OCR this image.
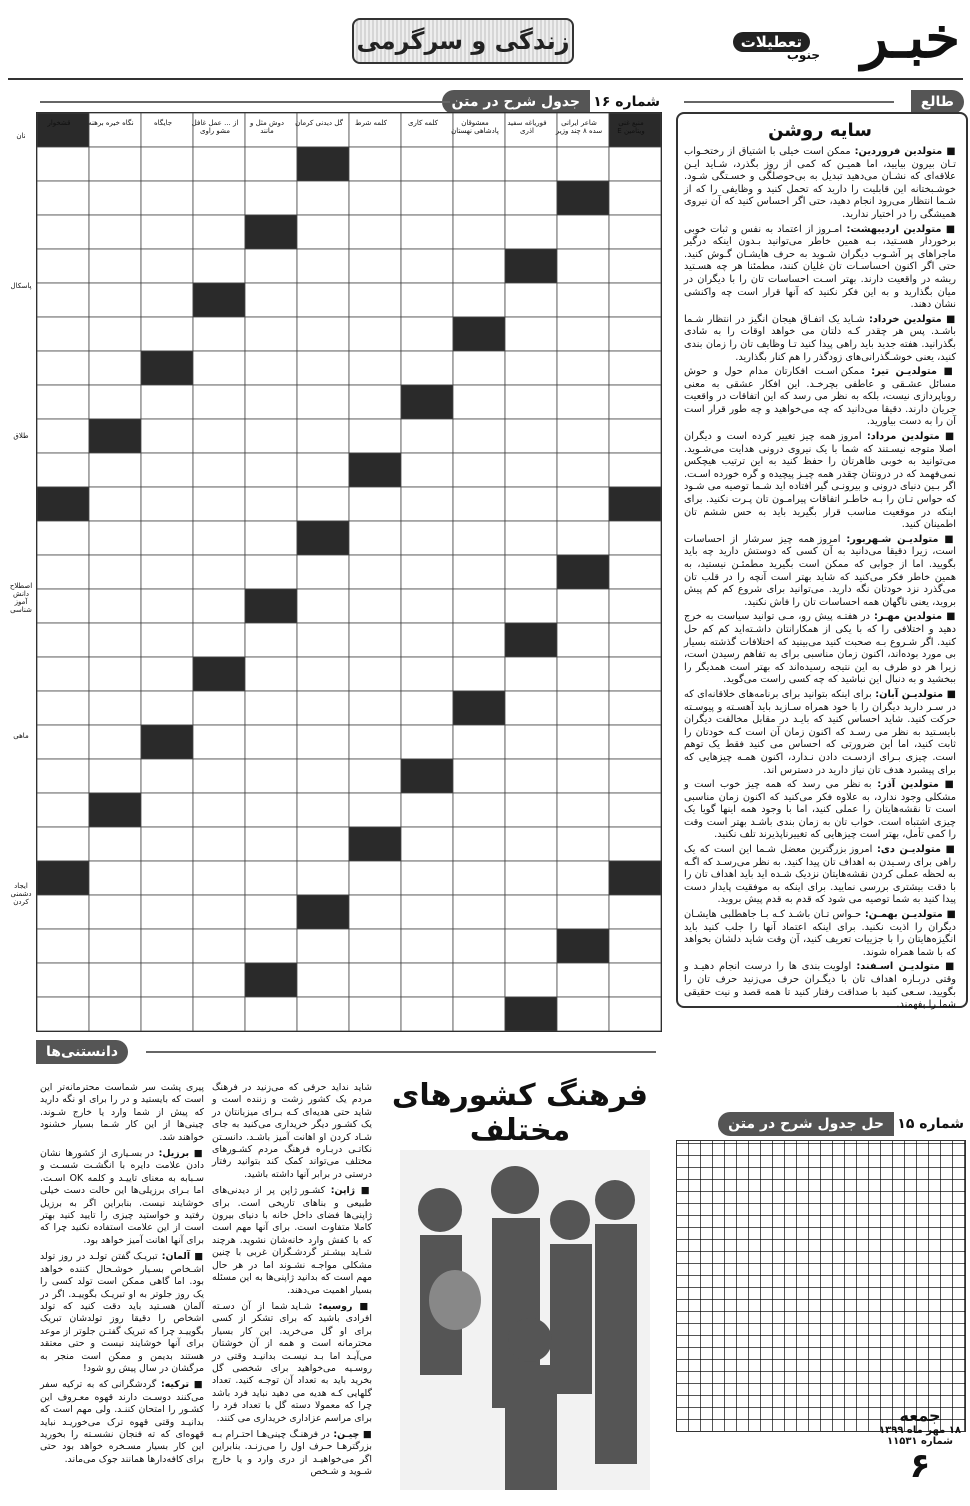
خبـر
تعطیلات
جنوب
زندگی و سرگرمی
شماره ۱۶
جدول شرح در متن
منبع غنی ویتامین E
شاعر ایرانی سده ۸ چند وزیر
فوریاغه سفید اذری
معشوقان پادشاهی نهستان
کلمه کاری
کلمه شرط
گل دیدنی کرمان
دوش مثل و مانند
از ... عمل غافل مشو راوی
جایگاه
نگاه خیره برهنه
قشخوار
نان
پاسکال
طلاق
اصطلاح دانش آموز شناسی
ماهی
ایجاد دشمنی کردن
طالع
سایه روشن

■ متولدین فروردین: ممکن است خیلی با اشتیاق از رختخـواب تـان بیرون بیایید، اما همیـن که کمی از روز بگذرد، شـاید ایـن علاقه‌ای که نشـان می‌دهید تبدیل به بی‌حوصلگی و خسـتگی شـود. خوشـبختانه این قابلیت را دارید که تحمل کنید و وظایفی را که از شـما انتظار می‌رود انجام دهید، حتی اگر احساس کنید که آن نیروی همیشگی را در اختیار ندارید.

■ متولدین اردیبهشت: امـروز از اعتماد به نفس و ثبات خوبی برخوردار هسـتید، بـه همین خاطر می‌توانید بـدون اینکه درگیر ماجراهای پر آشـوب دیگران شـوید به حرف هایشـان گـوش کنید. حتی اگر اکنون احساسـات تان غلیان کنند، مطمئنا هر چه هسـتید ریشه در واقعیت دارند. بهتر اسـت احساسات تان را با دیگران در میان بگذارید و به این فکر نکنید که آنها قرار است چه واکنشی نشان دهند.

■ متولدین خرداد: شـاید یک اتفـاق هیجان انگیز در انتظار شـما باشـد. پس هر چقدر کـه دلتان می خواهد اوقات را به شادی بگذرانید. هفته جدید باید راهی پیدا کنید تـا وظایف تان را زمان بندی کنید، یعنی خوشـگذرانی‌های زودگذر را هم کنار بگذارید.

■ متولدیـن تیر: ممکن اسـت افکارتان مدام حول و حوش مسائل عشـقی و عاطفی بچرخـد. این افکار عشقی به معنی رویاپردازی نیست، بلکه به نظر می رسد که این اتفاقات در واقعیت جریان دارند. دقیقا می‌دانید که چه می‌خواهید و چه طور قرار است آن را به دست بیاورید.

■ متولدین مرداد: امروز همه چیز تغییر کرده است و دیگران اصلا متوجه نیسـتند که شما با یک نیروی درونی هدایت می‌شـوید. می‌توانید به خوبی ظاهرتان را حفظ کنید به این ترتیب هیچکس نمی‌فهمد که در درونتان چقدر همه چیـز پیچیده و گره خورده اسـت. اگر بـین دنیای درونی و بیرونـی گیر افتاده اید شـما توصیه می شـود که حواس تـان را بـه خاطـر اتفاقات پیرامـون تان پـرت نکنید. برای اینکه در موقعیت مناسب قرار بگیرید باید به حس ششم تان اطمینان کنید.

■ متولدیـن شـهریور: امروز همه چیز سرشار از احساسات است، زیرا دقیقا می‌دانید به آن کسی که دوستش دارید چه باید بگویید. اما از جوابی که ممکن است بگیرید مطمئـن نیستید، به همین خاطر فکر می‌کنید که شاید بهتر است آنچه را در قلب تان می‌گذرد نزد خودتان نگه دارید. می‌توانید برای شروع کم کم پیش بروید، یعنی ناگهان همه احساسات تان را فاش نکنید.

■ متولدین مهـر: در هفتـه پیش رو، مـی توانید سیاست به خرج دهید و اختلافی را که با یکی از همکارانتان داشـته‌اید کم کم حل کنید. اگر شـروع بـه صحبت کنید می‌بینید که اختلافات گذشته بسیار بی مورد بوده‌اند، اکنون زمان مناسبی برای به تفاهم رسیدن است، زیرا هر دو طرف به این نتیجه رسیده‌اند که بهتر است همدیگر را ببخشید و به دنبال این نباشید که چه کسی راست می‌گوید.

■ متولدیـن آبان: برای اینکه بتوانید برای برنامه‌های خلاقانه‌ای که در سـر دارید دیگران را با خود همراه سـازید باید آهسـته و پیوسـته حرکت کنید. شاید احساس کنید که بایـد در مقابل مخالفت دیگران بایسـتید به نظر می رسـد که اکنون زمان آن است کـه خودتان را ثابت کنید، اما این ضرورتی که احساس می کنید فقط یک توهم است. چیزی بـرای ازدسـت دادن نـدارد، اکنون همـه چیزهایی که برای پیشبرد هدف تان نیاز دارید در دسترس اند.

■ متولدین آذر: به نظر می رسد که همه چیز خوب است و مشکلی وجود ندارد، به علاوه فکر می‌کنید که اکنون زمان مناسبی است تا نقشه‌هایتان را عملی کنید، اما با وجود همه اینها گویا یک چیزی اشتباه است. خواب تان به زمان بندی باشـد بهتر است وقت را کمی تأمل، بهتر است چیزهایی که تغییرناپذیرند تلف نکنید.

■ متولدیـن دی: امروز بزرگترین معضل شـما این است که یک راهی برای رسـیدن به اهداف تان پیدا کنید. به نظر می‌رسـد که اگـه به لحظه عملی کردن نقشه‌هایتان نزدیک شـده اید باید اهداف تان را با دقت بیشتری بررسی نمایید. برای اینکه به موفقیت پایدار دست پیدا کنید به شما توصیه می شود که قدم به قدم پیش بروید.

■ متولدیـن بهمـن: حـواس تـان باشـد کـه بـا جاهطلبی هایشـان دیگران را اذیت نکنید. برای اینکه اعتماد آنها را جلب کنید باید انگیزه‌هایتان را با جزییات تعریف کنید، آن وقت شاید دلشان بخواهد که با شما همراه شوند.

■ متولدیـن اسـفند: اولویت بندی ها را درست انجام دهیـد و وقتی دربـاره اهداف تان با دیگـران حرف می‌زنید حرف تان را بگویید. سـعی کنید با صداقت رفتار کنید تا همه قصد و نیت حقیقی شما را بفهمند.

شماره ۱۵
حل جدول شرح در متن
جمعه
۱۸ مهر ماه ۱۳۹۹
شماره ۱۱۵۳۱
۶
دانستنی‌ها
فرهنگ کشورهای مختلف

شاید نداید حرفی که می‌زنید در فرهنگ مردم یک کشور زشت و زننده است و شاید حتی هدیه‌ای کـه بـرای میزبانتان در یک کشـور دیگر خریداری می‌کنید به جای شـاد کردن او اهانت آمیز باشـد. دانسـتن نکاتـی دربـاره فرهنگ مردم کشـورهای مختلف می‌تواند کمک کند بتوانید رفتار درستی در برابر آنها داشته باشید.

■ ژاپن: کشـور ژاپن پر از دیدنی‌های طبیعی و بناهای تاریخی است. برای ژاپنی‌ها فضای داخل خانه با دنیای بیرون کاملا متفاوت است. برای آنها مهم است که با کفش وارد خانه‌شان نشوید. هرچند شـاید بیشـتر گردشـگران غربی با چنین مشکلی مواجـه نشـوند اما در هر حال مهم است که بدانید ژاپنی‌ها به این مسئله بسیار اهمیت می‌دهند.

■ روسیه: شـاید شما از آن دسـته افرادی باشید که برای تشکر از کسی برای او گل می‌خرید. این کار بسیار محترمانه است و همه از آن خوشتان می‌آیـد اما بـد نیسـت بدانیـد وقتی در روسـیه می‌خواهید برای شخصی گل بخرید باید به تعداد آن توجـه کنید. تعداد گلهایی کـه هدیه می دهید نباید فرد باشد چرا که معمولا دسته گل با تعداد فرد را برای مراسم عزاداری خریداری می کنند.

■ چیـن: در فرهنـگ چینی‌هـا احتـرام بـه بزرگترهـا حـرف اول را می‌زنـد. بنابراین اگر می‌خواهیـد از دری وارد و یا خارج شـوید و شـخص

پیری پشت سر شماست محترمانه‌تر این است که بایستید و در را برای او نگه دارید که پیش از شما وارد یا خارج شـوند. چینی‌ها از این کار شـما بسیار خشنود خواهند شد.

■ برزیل: در بسـیاری از کشورها نشان دادن علامت دایره با انگشـت شسـت و سـبابه به معنای تاییـد و کلمه OK اسـت. اما بـرای برزیلی‌ها این حالت دست خیلی خوشایند نیست. بنابراین اگر به برزیل رفتید و خواستید چیزی را تایید کنید بهتر است از این علامت استفاده نکنید چرا که برای آنها اهانت آمیز خواهد بود.

■ آلمان: تبریـک گفتن تولـد در روز تولد اشـخاص بسـیار خوشـحال کننده خواهد بود. اما گاهی ممکن است تولد کسی را یک روز جلوتر به او تبریـک بگوییـد. اگر در آلمان هسـتید باید دقت کنید که تولد اشخاص را دقیقا روز تولدشان تبریک بگوییـد چرا که تبریک گفتـن جلوتر از موعد برای آنها خوشایند نیست و حتی معتقد هستند بدیمن و ممکن است منجر به مرگشان در سال پیش رو شود!

■ ترکیه: گردشگرانی که به ترکیه سفر می‌کنند دوسـت دارند قهوه معـروف این کشـور را امتحان کننـد. ولی مهم است که بدانیـد وقتی قهوه ترک می‌خوریـد نباید قهوه‌ای که ته فنجان نشسـته را بخورید این کار بسیار مسـخره خواهد بود حتی برای کافه‌دارها همانند جوک می‌ماند.
